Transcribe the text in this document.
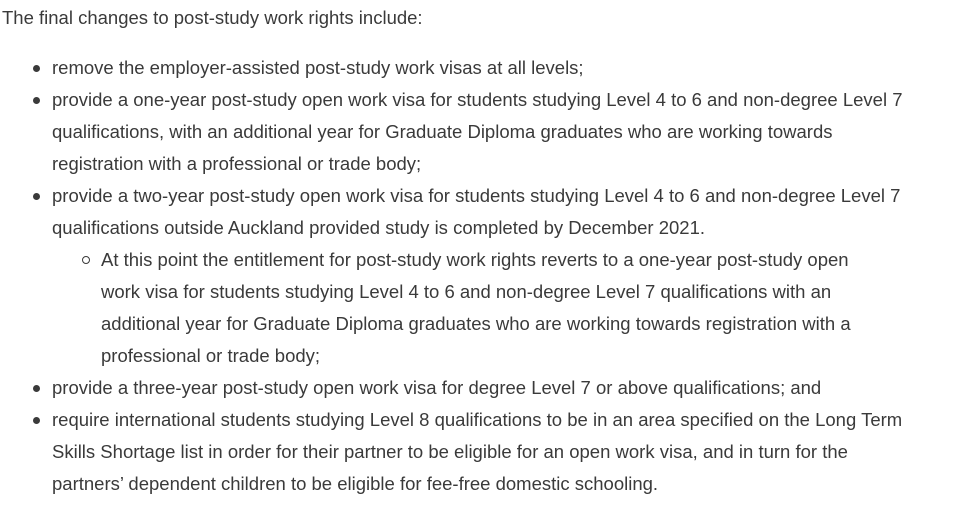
The final changes to post-study work rights include:

remove the employer-assisted post-study work visas at all levels;
provide a one-year post-study open work visa for students studying Level 4 to 6 and non-degree Level 7 qualifications, with an additional year for Graduate Diploma graduates who are working towards registration with a professional or trade body;
provide a two-year post-study open work visa for students studying Level 4 to 6 and non-degree Level 7 qualifications outside Auckland provided study is completed by December 2021.
At this point the entitlement for post-study work rights reverts to a one-year post-study open work visa for students studying Level 4 to 6 and non-degree Level 7 qualifications with an additional year for Graduate Diploma graduates who are working towards registration with a professional or trade body;
provide a three-year post-study open work visa for degree Level 7 or above qualifications; and
require international students studying Level 8 qualifications to be in an area specified on the Long Term Skills Shortage list in order for their partner to be eligible for an open work visa, and in turn for the partners’ dependent children to be eligible for fee-free domestic schooling.
